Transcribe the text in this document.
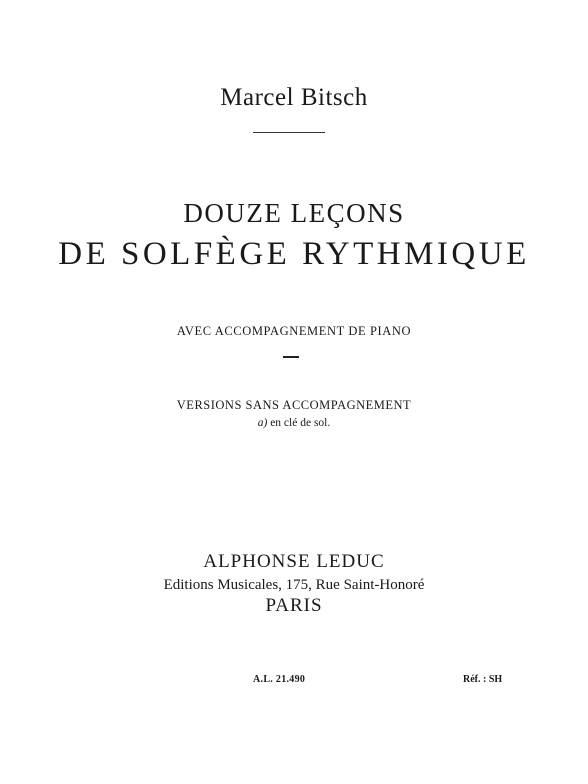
Marcel Bitsch
DOUZE LEÇONS
DE SOLFÈGE RYTHMIQUE
AVEC ACCOMPAGNEMENT DE PIANO
VERSIONS SANS ACCOMPAGNEMENT
a) en clé de sol.
ALPHONSE LEDUC
Editions Musicales, 175, Rue Saint-Honoré
PARIS
A.L. 21.490	Réf. : SH
